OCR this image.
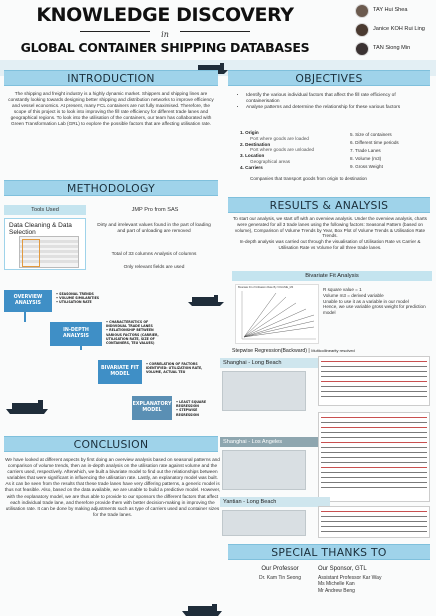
KNOWLEDGE DISCOVERY
in
GLOBAL CONTAINER SHIPPING DATABASES
TAY Hui Shea
Janice KOH Rui Ling
TAN Siong Min
INTRODUCTION
The shipping and freight industry is a highly dynamic market. Shippers and shipping lines are constantly looking towards designing better shipping and distribution networks to improve efficiency and vessel economics. At present, many FCL containers are not fully maximised. Therefore, the scope of this project is to look into improving the fill rate efficiency for different trade lanes and geographical regions. To look into the utilisation of the containers, our team has collaborated with Green Transformation Lab (GRL) to explore the possible factors that are affecting utilisation rate.
OBJECTIVES
• Identify the various individual factors that affect the fill rate efficiency of containerisation
• Analyse patterns and determine the relationship for these various factors
1. Origin
Port where goods are loaded
2. Destination
Port where goods are unloaded
3. Location
Geographical areas
4. Carriers
Companies that transport goods from origin to destination
5. Size of containers
6. Different time periods
7. Trade Lanes
8. Volume (m3)
9. Gross Weight
METHODOLOGY
Tools Used	JMP Pro from SAS
Data Cleaning & Data Selection
Dirty and irrelevant values found in the part of loading and part of unloading are removed
Total of 33 columns Analysis of columns
Only relevant fields are used
OVERVIEW ANALYSIS
• SEASONAL TRENDS
• VOLUME SIMILARITIES
• UTILISATION RATE
IN-DEPTH ANALYSIS
• CHARACTERISTICS OF INDIVIDUAL TRADE LANES
• RELATIONSHIP BETWEEN VARIOUS FACTORS (CARRIER, UTILISATION RATE, SIZE OF CONTAINERS, TEU VALUES)
BIVARIATE FIT MODEL
• CORRELATION OF FACTORS IDENTIFIED: UTILIZATION RATE, VOLUME, ACTUAL TEU
EXPLANATORY MODEL
• LEAST SQUARE REGRESSION
• STEPWISE REGRESSION
RESULTS & ANALYSIS
To start our analysis, we start off with an overview analysis. Under the overview analysis, charts were generated for all 3 trade lanes using the following factors: Seasonal Pattern (based on volume), Comparison of Volume Trends by Year, Box Plot of Volume Trends & Utilisation Rate Trends.
In-depth analysis was carried out through the visualisation of Utilisation Rate vs Carrier & Utilisation Rate vs Volume for all three trade lanes.
Bivariate Fit Analysis
Bivariate Fit of Utilisation Rate By VOLUME_M3	R square value = 1
Volume m3 = derived variable
Unable to use it as a variable in our model
Hence, we use variable gross weight for prediction model
Stepwise Regression(Backward) | Multicollinearity resolved
Shanghai - Long Beach
Shanghai - Los Angeles
Yantian - Long Beach
CONCLUSION
We have looked at different aspects by first doing an overview analysis based on seasonal patterns and comparison of volume trends, then an in-depth analysis on the utilisation rate against volume and the carriers used, respectively. Afterwhich, we built a bivariate model to find out the relationships between variables that were significant in influencing the utilisation rate. Lastly, an explanatory model was built. As it can be seen from the results that these trade lanes have very differing patterns, a generic model is thus not feasible. Also, based on the data available, we are unable to build a predictive model. However, with the explanatory model, we are thus able to provide to our sponsors the different factors that affect each individual trade lane, and therefore provide them with better decision-making in improving the utilisation rate. It can be done by making adjustments such as type of carriers used and container sizes for the trade lanes.
SPECIAL THANKS TO
Our Professor
Dr. Kam Tin Seong
Our Sponsor, GTL
Assistant Professor Kar Way
Ms Michelle Kan
Mr Andrew Beng
